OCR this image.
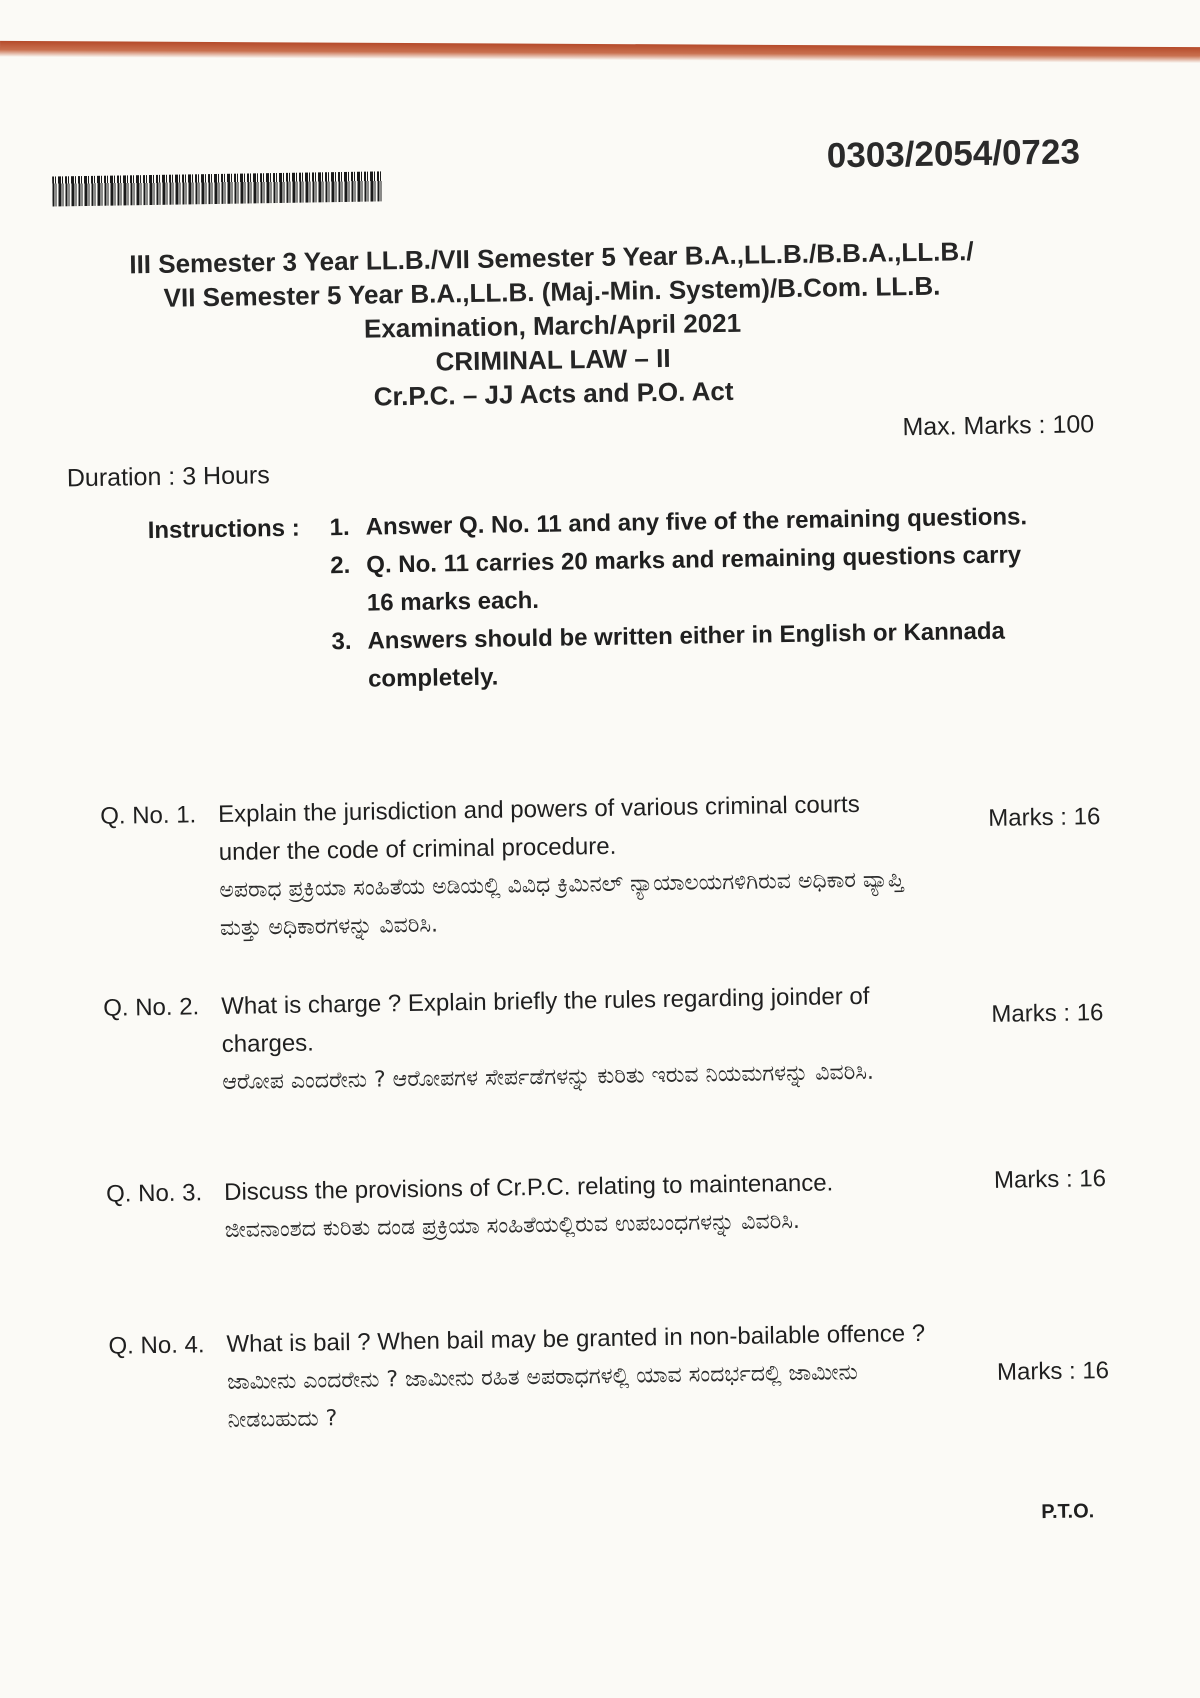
0303/2054/0723
III Semester 3 Year LL.B./VII Semester 5 Year B.A.,LL.B./B.B.A.,LL.B./
VII Semester 5 Year B.A.,LL.B. (Maj.-Min. System)/B.Com. LL.B.
Examination, March/April 2021
CRIMINAL LAW – II
Cr.P.C. – JJ Acts and P.O. Act
Max. Marks : 100
Duration : 3 Hours
Instructions : 1. Answer Q. No. 11 and any five of the remaining questions.
2. Q. No. 11 carries 20 marks and remaining questions carry 16 marks each.
3. Answers should be written either in English or Kannada completely.
Q. No. 1. Explain the jurisdiction and powers of various criminal courts under the code of criminal procedure.
ಅಪರಾಧ ಪ್ರಕ್ರಿಯಾ ಸಂಹಿತೆಯ ಅಡಿಯಲ್ಲಿ ವಿವಿಧ ಕ್ರಿಮಿನಲ್ ನ್ಯಾಯಾಲಯಗಳಿಗಿರುವ ಅಧಿಕಾರ ವ್ಯಾಪ್ತಿ ಮತ್ತು ಅಧಿಕಾರಗಳನ್ನು ವಿವರಿಸಿ.
Marks : 16
Q. No. 2. What is charge ? Explain briefly the rules regarding joinder of charges.
ಆರೋಪ ಎಂದರೇನು ? ಆರೋಪಗಳ ಸೇರ್ಪಡೆಗಳನ್ನು ಕುರಿತು ಇರುವ ನಿಯಮಗಳನ್ನು ವಿವರಿಸಿ.
Marks : 16
Q. No. 3. Discuss the provisions of Cr.P.C. relating to maintenance.
ಜೀವನಾಂಶದ ಕುರಿತು ದಂಡ ಪ್ರಕ್ರಿಯಾ ಸಂಹಿತೆಯಲ್ಲಿರುವ ಉಪಬಂಧಗಳನ್ನು ವಿವರಿಸಿ.
Marks : 16
Q. No. 4. What is bail ? When bail may be granted in non-bailable offence ?
ಜಾಮೀನು ಎಂದರೇನು ? ಜಾಮೀನು ರಹಿತ ಅಪರಾಧಗಳಲ್ಲಿ ಯಾವ ಸಂದರ್ಭದಲ್ಲಿ ಜಾಮೀನು ನೀಡಬಹುದು ?
Marks : 16
P.T.O.
